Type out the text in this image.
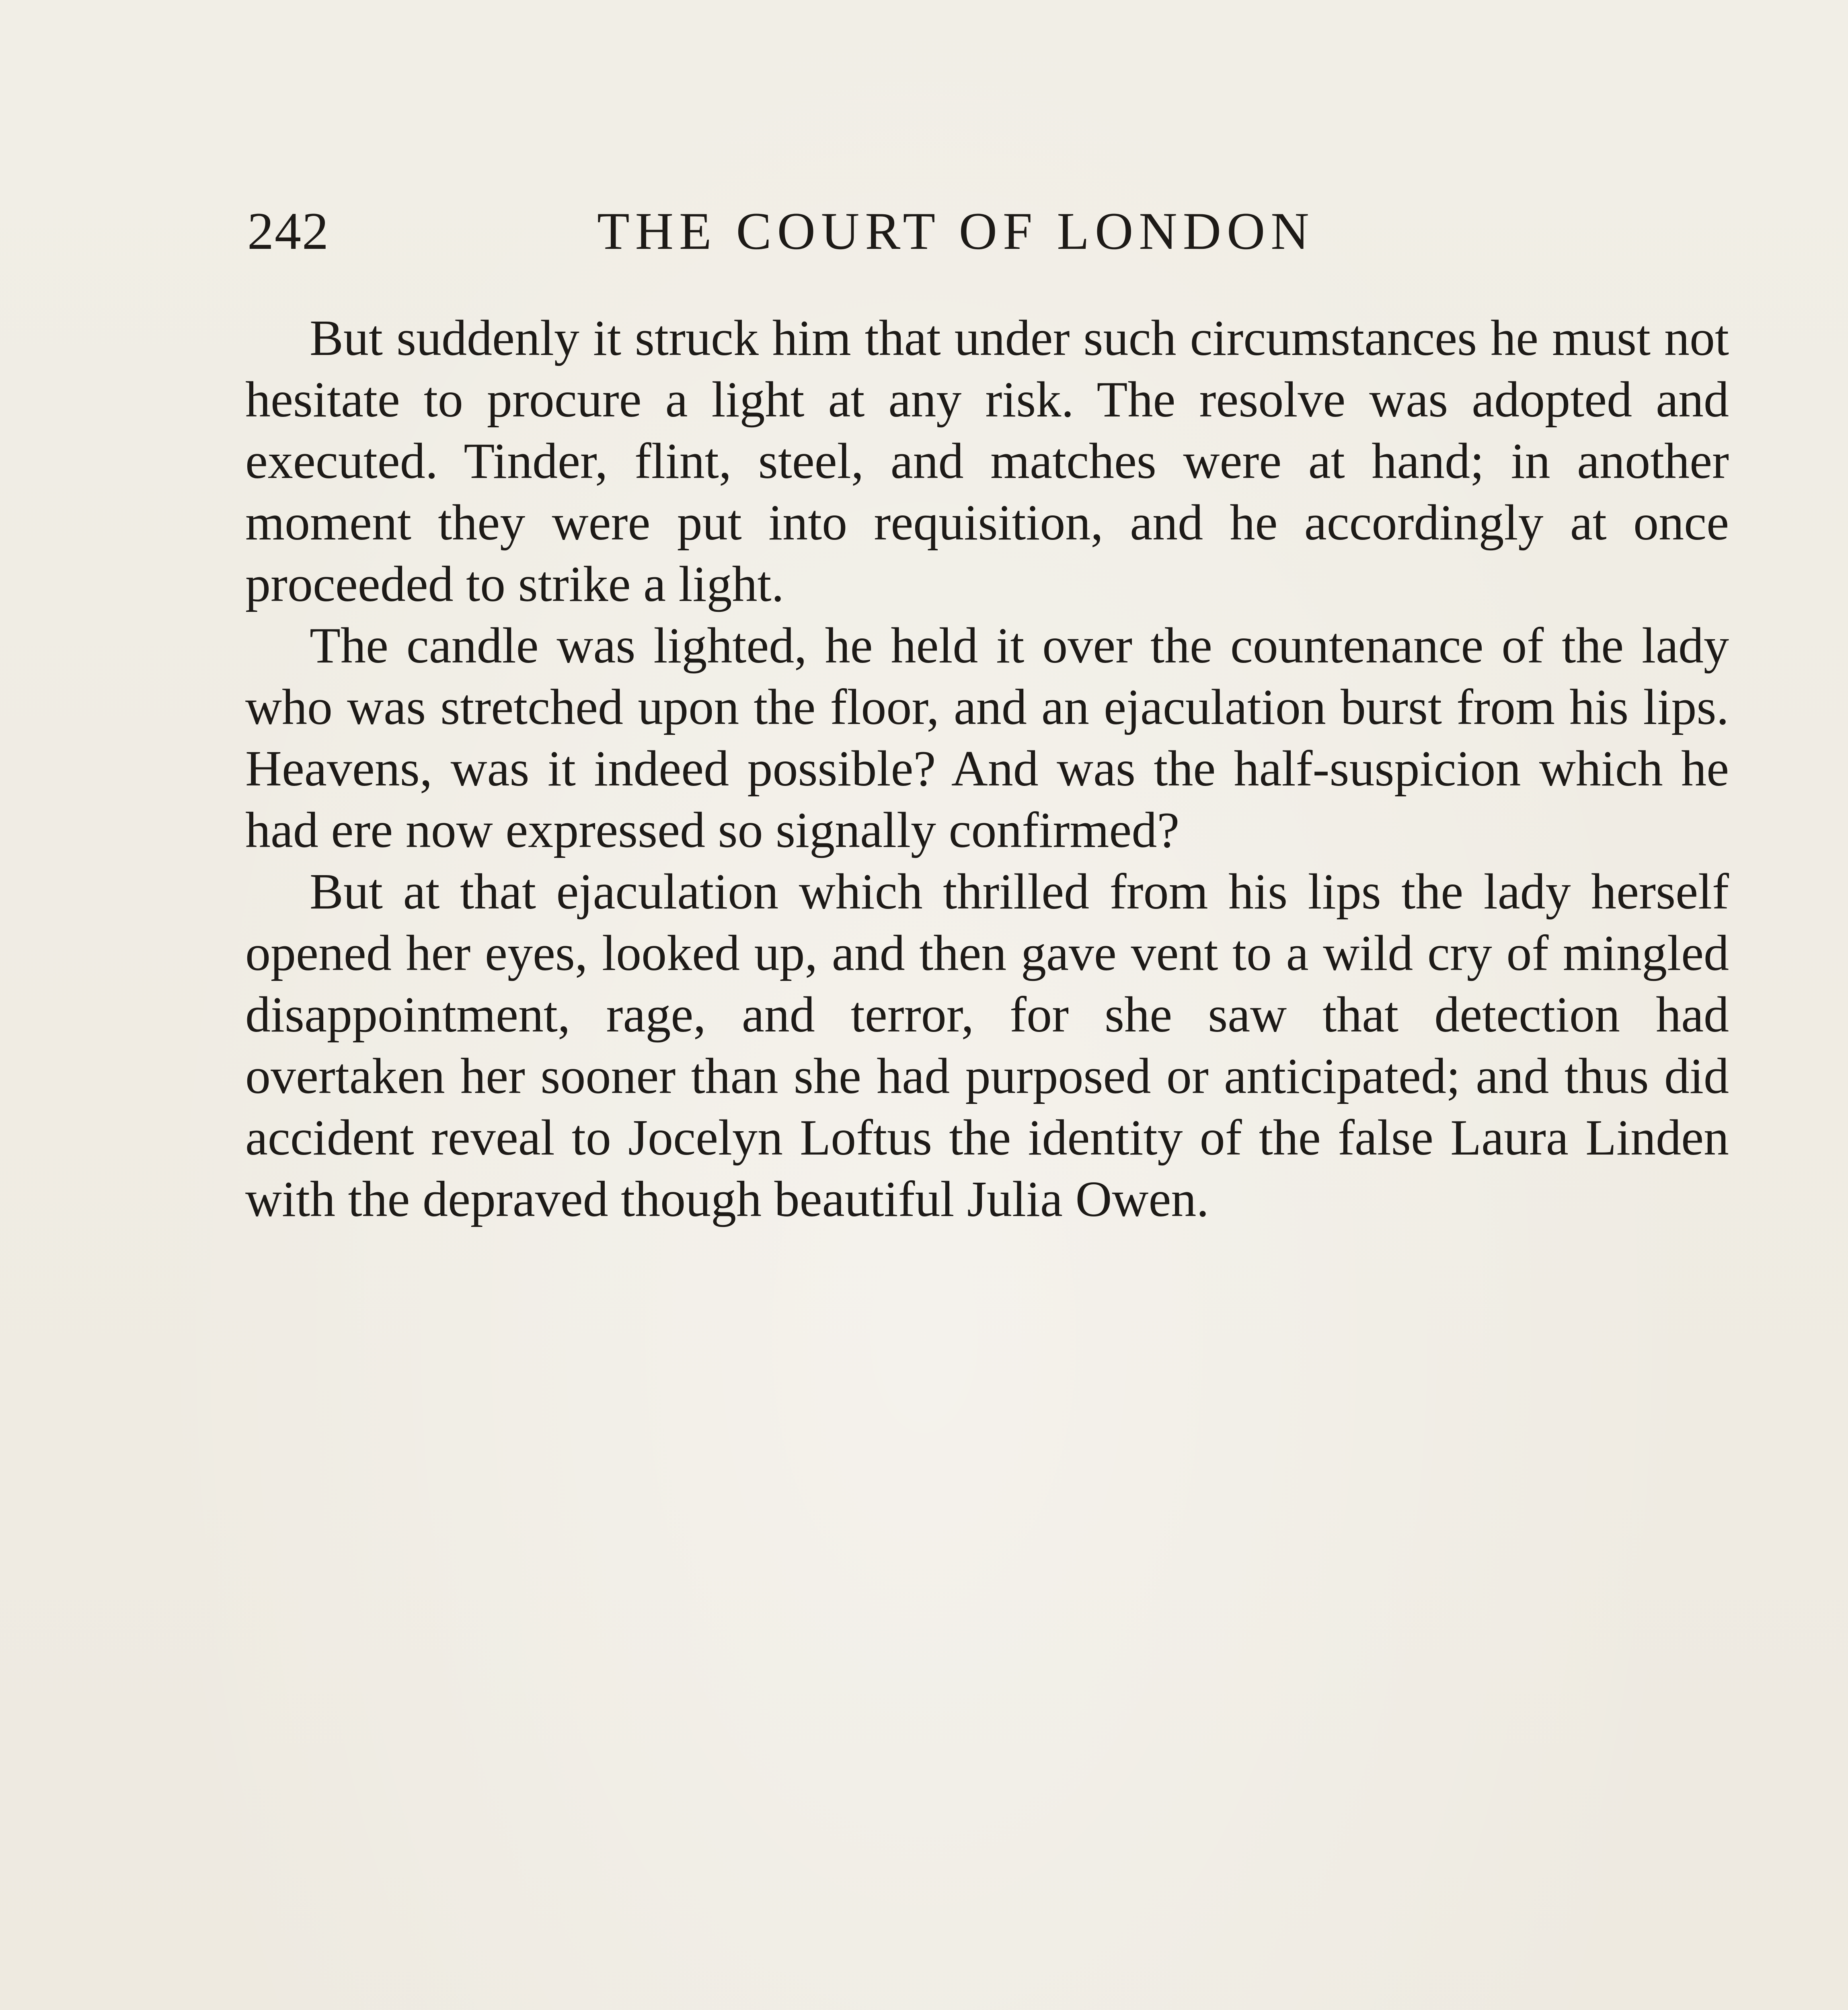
242	THE COURT OF LONDON

But suddenly it struck him that under such circumstances he must not hesitate to procure a light at any risk. The resolve was adopted and executed. Tinder, flint, steel, and matches were at hand; in another moment they were put into requisition, and he accordingly at once proceeded to strike a light.

The candle was lighted, he held it over the countenance of the lady who was stretched upon the floor, and an ejaculation burst from his lips. Heavens, was it indeed possible? And was the half-suspicion which he had ere now expressed so signally confirmed?

But at that ejaculation which thrilled from his lips the lady herself opened her eyes, looked up, and then gave vent to a wild cry of mingled disappointment, rage, and terror, for she saw that detection had overtaken her sooner than she had purposed or anticipated; and thus did accident reveal to Jocelyn Loftus the identity of the false Laura Linden with the depraved though beautiful Julia Owen.
